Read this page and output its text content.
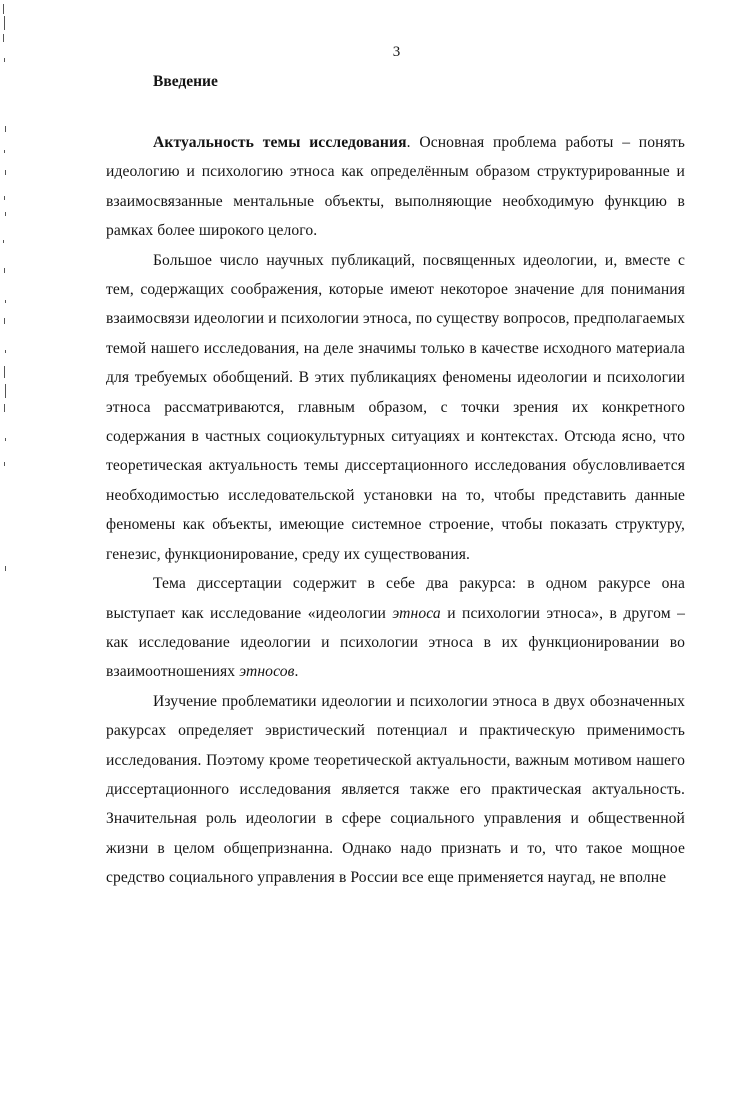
3

Введение

Актуальность темы исследования. Основная проблема работы – понять идеологию и психологию этноса как определённым образом структурированные и взаимосвязанные ментальные объекты, выполняющие необходимую функцию в рамках более широкого целого.

Большое число научных публикаций, посвященных идеологии, и, вместе с тем, содержащих соображения, которые имеют некоторое значение для понимания взаимосвязи идеологии и психологии этноса, по существу вопросов, предполагаемых темой нашего исследования, на деле значимы только в качестве исходного материала для требуемых обобщений. В этих публикациях феномены идеологии и психологии этноса рассматриваются, главным образом, с точки зрения их конкретного содержания в частных социокультурных ситуациях и контекстах. Отсюда ясно, что теоретическая актуальность темы диссертационного исследования обусловливается необходимостью исследовательской установки на то, чтобы представить данные феномены как объекты, имеющие системное строение, чтобы показать структуру, генезис, функционирование, среду их существования.

Тема диссертации содержит в себе два ракурса: в одном ракурсе она выступает как исследование «идеологии этноса и психологии этноса», в другом – как исследование идеологии и психологии этноса в их функционировании во взаимоотношениях этносов.

Изучение проблематики идеологии и психологии этноса в двух обозначенных ракурсах определяет эвристический потенциал и практическую применимость исследования. Поэтому кроме теоретической актуальности, важным мотивом нашего диссертационного исследования является также его практическая актуальность. Значительная роль идеологии в сфере социального управления и общественной жизни в целом общепризнанна. Однако надо признать и то, что такое мощное средство социального управления в России все еще применяется наугад, не вполне
